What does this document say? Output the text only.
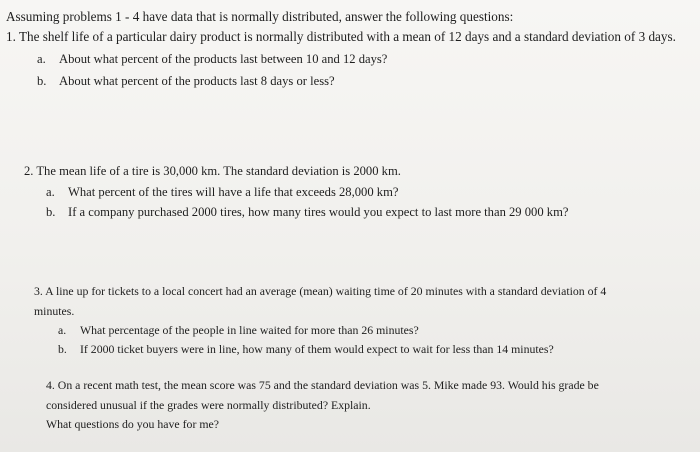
Assuming problems 1 - 4 have data that is normally distributed, answer the following questions:
1. The shelf life of a particular dairy product is normally distributed with a mean of 12 days and a standard deviation of 3 days.
a. About what percent of the products last between 10 and 12 days?
b. About what percent of the products last 8 days or less?
2. The mean life of a tire is 30,000 km. The standard deviation is 2000 km.
a. What percent of the tires will have a life that exceeds 28,000 km?
b. If a company purchased 2000 tires, how many tires would you expect to last more than 29 000 km?
3. A line up for tickets to a local concert had an average (mean) waiting time of 20 minutes with a standard deviation of 4
minutes.
a. What percentage of the people in line waited for more than 26 minutes?
b. If 2000 ticket buyers were in line, how many of them would expect to wait for less than 14 minutes?
4. On a recent math test, the mean score was 75 and the standard deviation was 5. Mike made 93. Would his grade be
considered unusual if the grades were normally distributed? Explain.
What questions do you have for me?
